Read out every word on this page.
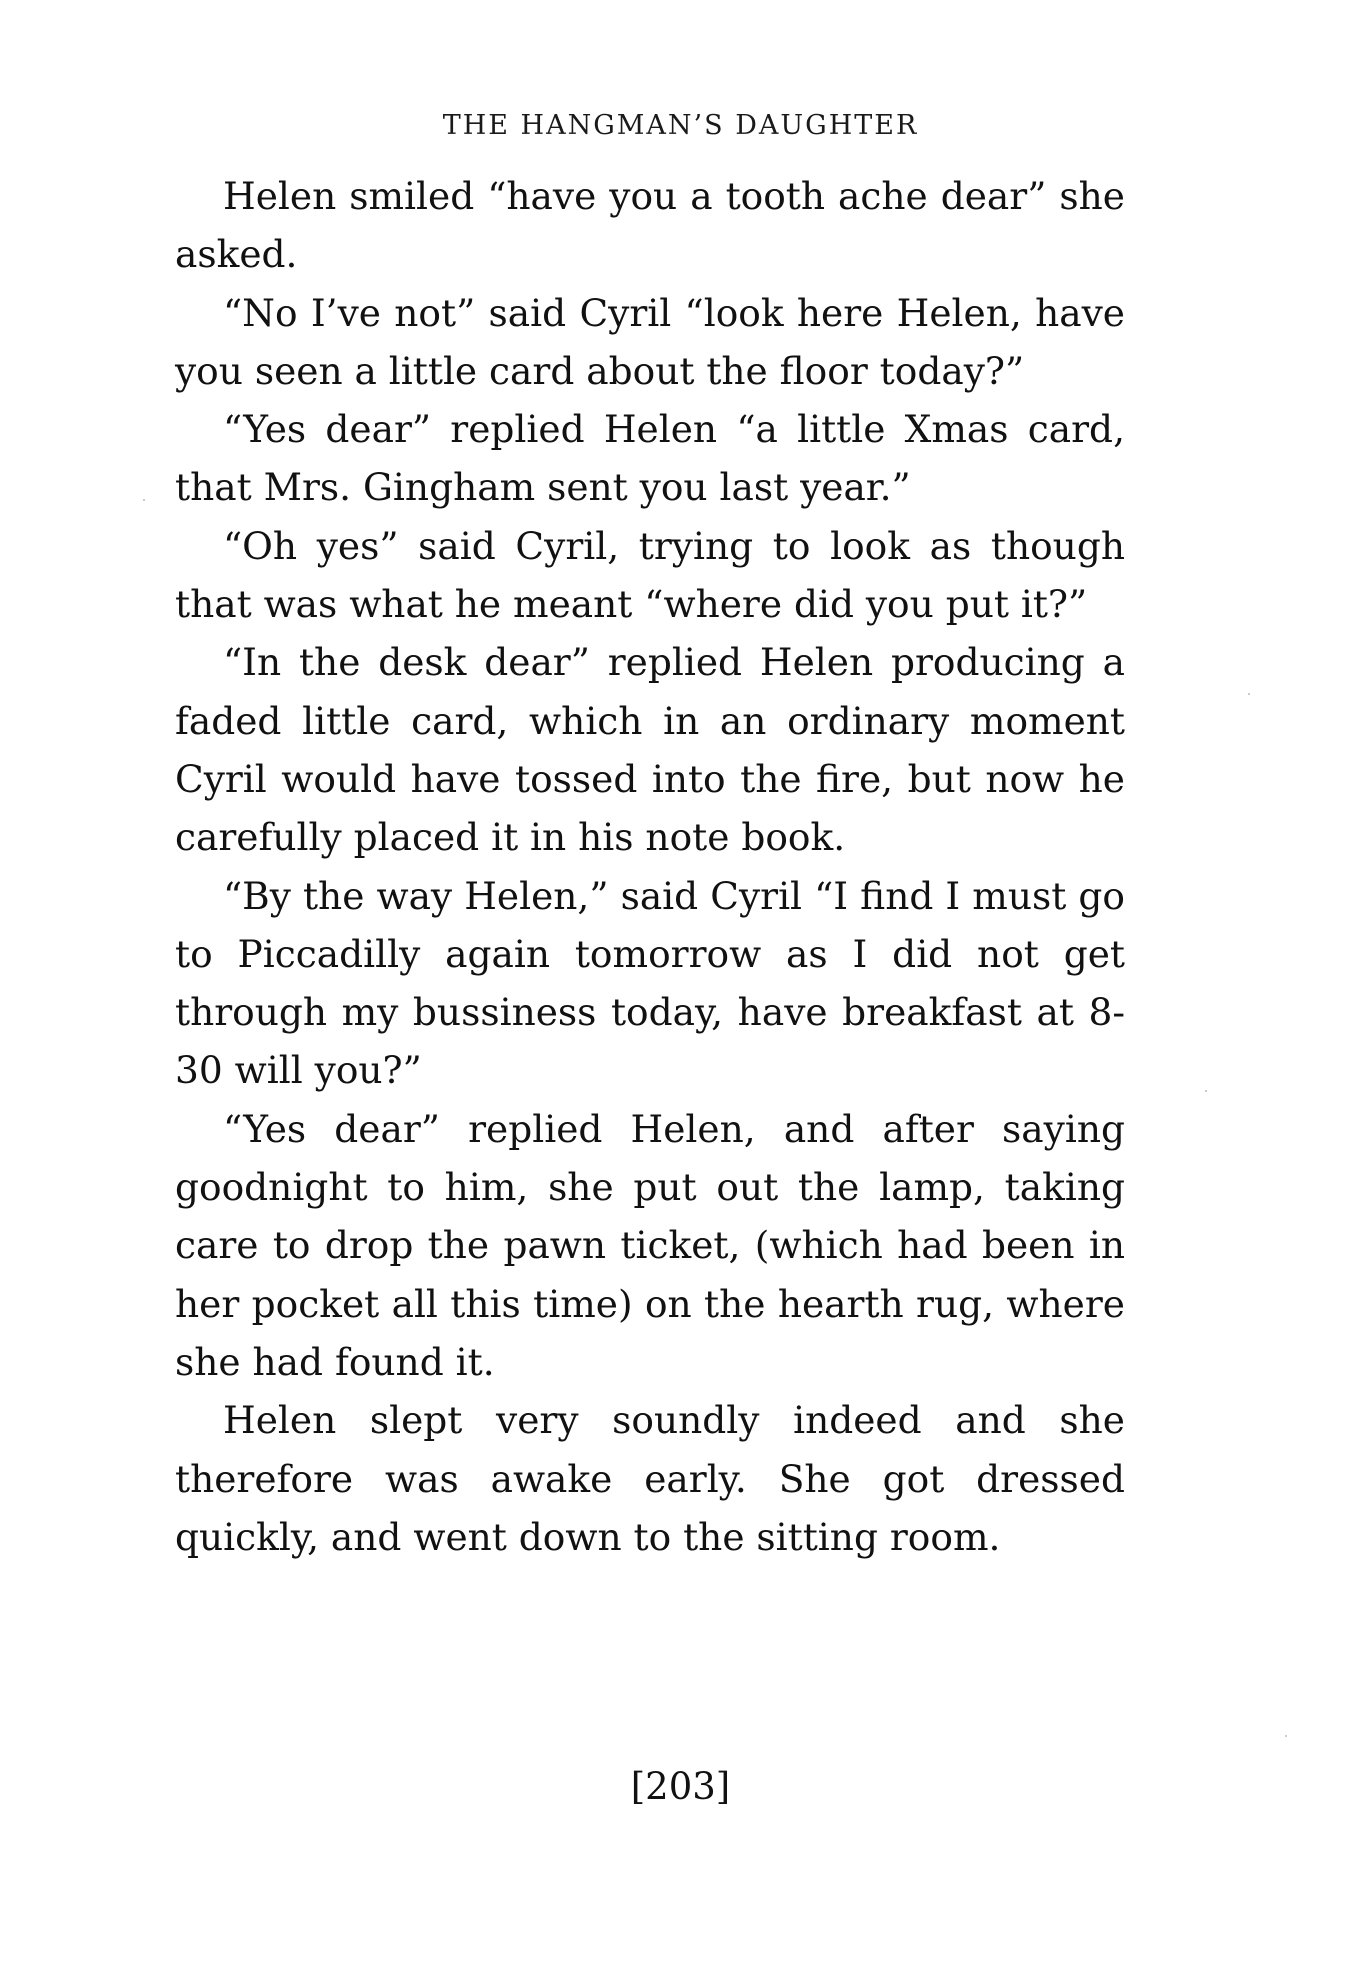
THE HANGMAN’S DAUGHTER

Helen smiled “have you a tooth ache dear” she asked.

“No I’ve not” said Cyril “look here Helen, have you seen a little card about the floor today?”

“Yes dear” replied Helen “a little Xmas card, that Mrs. Gingham sent you last year.”

“Oh yes” said Cyril, trying to look as though that was what he meant “where did you put it?”

“In the desk dear” replied Helen producing a faded little card, which in an ordinary moment Cyril would have tossed into the fire, but now he carefully placed it in his note book.

“By the way Helen,” said Cyril “I find I must go to Piccadilly again tomorrow as I did not get through my bussiness today, have breakfast at 8-30 will you?”

“Yes dear” replied Helen, and after saying goodnight to him, she put out the lamp, taking care to drop the pawn ticket, (which had been in her pocket all this time) on the hearth rug, where she had found it.

Helen slept very soundly indeed and she therefore was awake early. She got dressed quickly, and went down to the sitting room.

[203]
